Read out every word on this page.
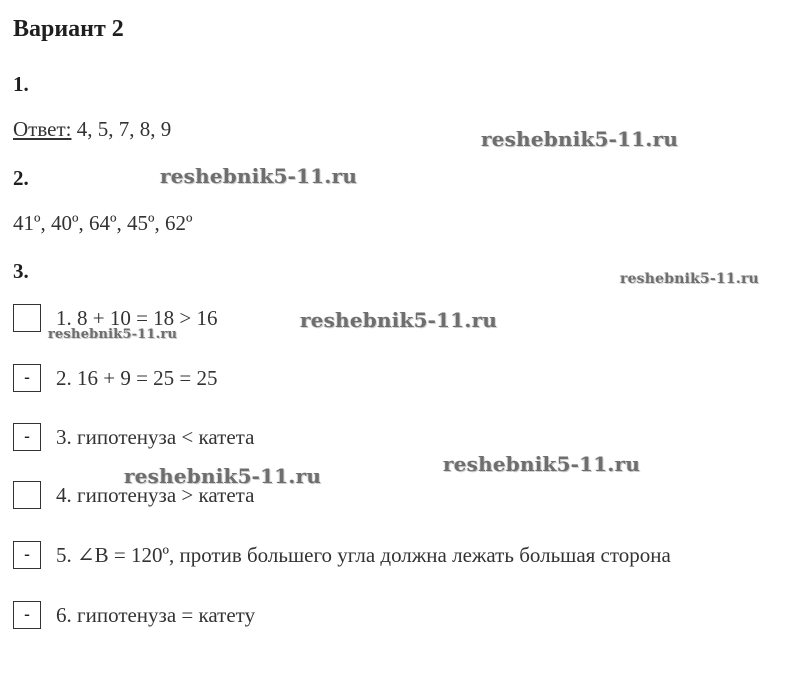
Вариант 2
1.
Ответ: 4, 5, 7, 8, 9
2.
41º, 40º, 64º, 45º, 62º
3.
1. 8 + 10 = 18 > 16
-	2. 16 + 9 = 25 = 25
-	3. гипотенуза < катета
4. гипотенуза > катета
-	5. ∠B = 120º, против большего угла должна лежать большая сторона
-	6. гипотенуза = катету
reshebnik5-11.ru
reshebnik5-11.ru
reshebnik5-11.ru
reshebnik5-11.ru
reshebnik5-11.ru
reshebnik5-11.ru
reshebnik5-11.ru
